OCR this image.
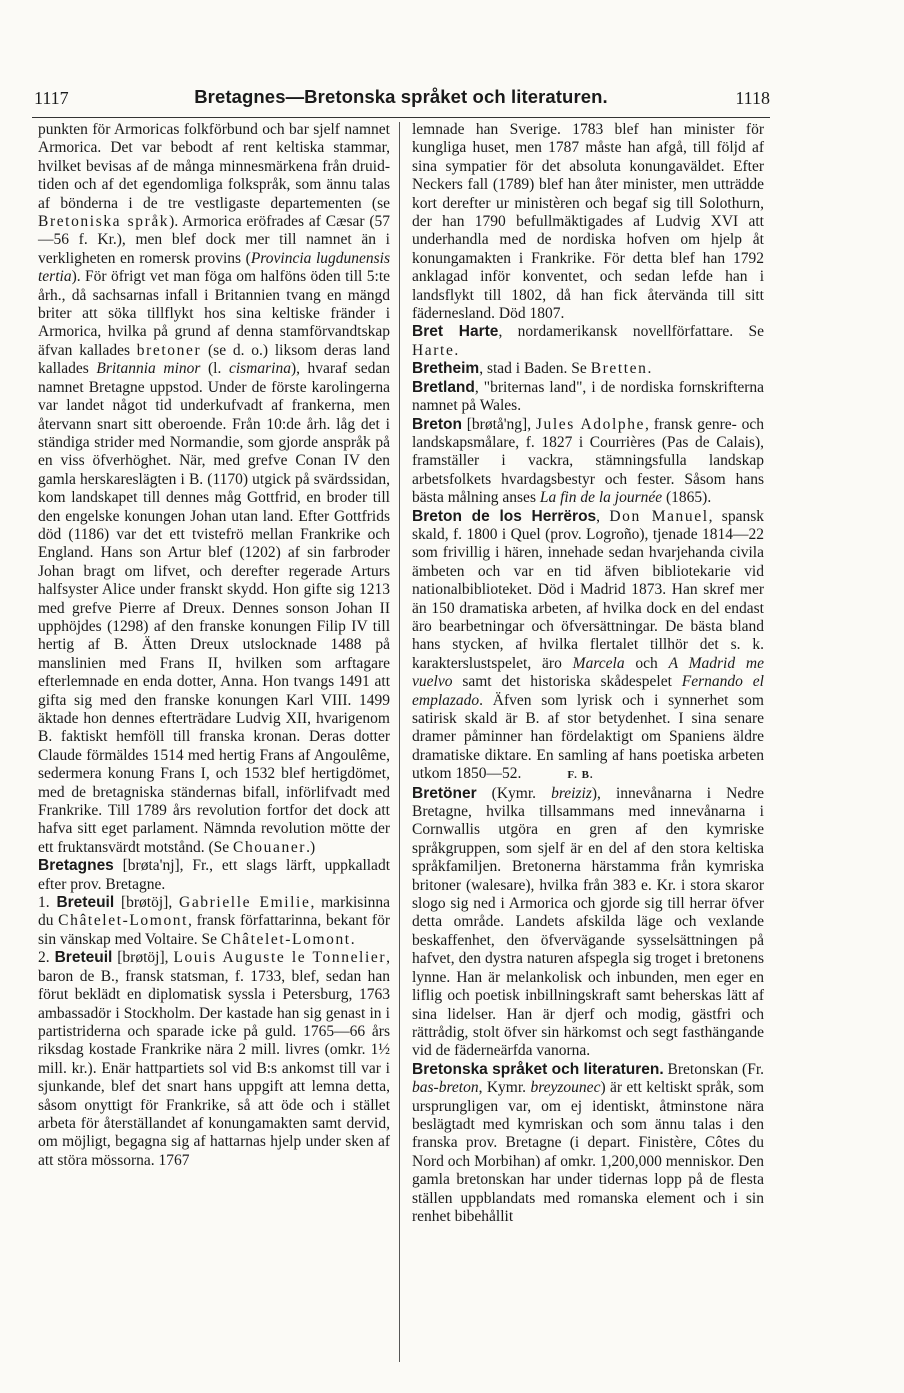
1117	Bretagnes—Bretonska språket och literaturen.	1118

punkten för Armoricas folkförbund och bar sjelf namnet Armorica. Det var bebodt af rent keltiska stammar, hvilket bevisas af de många minnesmärkena från druid-tiden och af det egendomliga folkspråk, som ännu talas af bönderna i de tre vestligaste departementen (se Bretoniska språk). Armorica eröfrades af Cæsar (57—56 f. Kr.), men blef dock mer till namnet än i verkligheten en romersk provins (Provincia lugdunensis tertia). För öfrigt vet man föga om halföns öden till 5:te årh., då sachsarnas infall i Britannien tvang en mängd briter att söka tillflykt hos sina keltiske fränder i Armorica, hvilka på grund af denna stamförvandtskap äfvan kallades bretoner (se d. o.) liksom deras land kallades Britannia minor (l. cismarina), hvaraf sedan namnet Bretagne uppstod. Under de förste karolingerna var landet något tid underkufvadt af frankerna, men återvann snart sitt oberoende. Från 10:de årh. låg det i ständiga strider med Normandie, som gjorde anspråk på en viss öfverhöghet. När, med grefve Conan IV den gamla herskareslägten i B. (1170) utgick på svärdssidan, kom landskapet till dennes måg Gottfrid, en broder till den engelske konungen Johan utan land. Efter Gottfrids död (1186) var det ett tvistefrö mellan Frankrike och England. Hans son Artur blef (1202) af sin farbroder Johan bragt om lifvet, och derefter regerade Arturs halfsyster Alice under franskt skydd. Hon gifte sig 1213 med grefve Pierre af Dreux. Dennes sonson Johan II upphöjdes (1298) af den franske konungen Filip IV till hertig af B. Ätten Dreux utslocknade 1488 på manslinien med Frans II, hvilken som arftagare efterlemnade en enda dotter, Anna. Hon tvangs 1491 att gifta sig med den franske konungen Karl VIII. 1499 äktade hon dennes efterträdare Ludvig XII, hvarigenom B. faktiskt hemföll till franska kronan. Deras dotter Claude förmäldes 1514 med hertig Frans af Angoulême, sedermera konung Frans I, och 1532 blef hertigdömet, med de bretagniska ständernas bifall, införlifvadt med Frankrike. Till 1789 års revolution fortfor det dock att hafva sitt eget parlament. Nämnda revolution mötte der ett fruktansvärdt motstånd. (Se Chouaner.)

Bretagnes [brøta'nj], Fr., ett slags lärft, uppkalladt efter prov. Bretagne.

1. Breteuil [brøtöj], Gabrielle Emilie, markisinna du Châtelet-Lomont, fransk författarinna, bekant för sin vänskap med Voltaire. Se Châtelet-Lomont.

2. Breteuil [brøtöj], Louis Auguste le Tonnelier, baron de B., fransk statsman, f. 1733, blef, sedan han förut beklädt en diplomatisk syssla i Petersburg, 1763 ambassadör i Stockholm. Der kastade han sig genast in i partistriderna och sparade icke på guld. 1765—66 års riksdag kostade Frankrike nära 2 mill. livres (omkr. 1½ mill. kr.). Enär hattpartiets sol vid B:s ankomst till var i sjunkande, blef det snart hans uppgift att lemna detta, såsom onyttigt för Frankrike, så att öde och i stället arbeta för återställandet af konungamakten samt dervid, om möjligt, begagna sig af hattarnas hjelp under sken af att störa mössorna. 1767

lemnade han Sverige. 1783 blef han minister för kungliga huset, men 1787 måste han afgå, till följd af sina sympatier för det absoluta konungaväldet. Efter Neckers fall (1789) blef han åter minister, men utträdde kort derefter ur ministèren och begaf sig till Solothurn, der han 1790 befullmäktigades af Ludvig XVI att underhandla med de nordiska hofven om hjelp åt konungamakten i Frankrike. För detta blef han 1792 anklagad inför konventet, och sedan lefde han i landsflykt till 1802, då han fick återvända till sitt fädernesland. Död 1807.

Bret Harte, nordamerikansk novellförfattare. Se Harte.

Bretheim, stad i Baden. Se Bretten.

Bretland, "briternas land", i de nordiska fornskrifterna namnet på Wales.

Breton [brøtå'ng], Jules Adolphe, fransk genre- och landskapsmålare, f. 1827 i Courrières (Pas de Calais), framställer i vackra, stämningsfulla landskap arbetsfolkets hvardagsbestyr och fester. Såsom hans bästa målning anses La fin de la journée (1865).

Breton de los Herrëros, Don Manuel, spansk skald, f. 1800 i Quel (prov. Logroño), tjenade 1814—22 som frivillig i hären, innehade sedan hvarjehanda civila ämbeten och var en tid äfven bibliotekarie vid nationalbiblioteket. Död i Madrid 1873. Han skref mer än 150 dramatiska arbeten, af hvilka dock en del endast äro bearbetningar och öfversättningar. De bästa bland hans stycken, af hvilka flertalet tillhör det s. k. karakterslustspelet, äro Marcela och A Madrid me vuelvo samt det historiska skådespelet Fernando el emplazado. Äfven som lyrisk och i synnerhet som satirisk skald är B. af stor betydenhet. I sina senare dramer påminner han fördelaktigt om Spaniens äldre dramatiske diktare. En samling af hans poetiska arbeten utkom 1850—52.	F. B.

Bretöner (Kymr. breiziz), innevånarna i Nedre Bretagne, hvilka tillsammans med innevånarna i Cornwallis utgöra en gren af den kymriske språkgruppen, som sjelf är en del af den stora keltiska språkfamiljen. Bretonerna härstamma från kymriska britoner (walesare), hvilka från 383 e. Kr. i stora skaror slogo sig ned i Armorica och gjorde sig till herrar öfver detta område. Landets afskilda läge och vexlande beskaffenhet, den öfvervägande sysselsättningen på hafvet, den dystra naturen afspegla sig troget i bretonens lynne. Han är melankolisk och inbunden, men eger en liflig och poetisk inbillningskraft samt beherskas lätt af sina lidelser. Han är djerf och modig, gästfri och rättrådig, stolt öfver sin härkomst och segt fasthängande vid de fädernеärfda vanorna.

Bretonska språket och literaturen. Bretonskan (Fr. bas-breton, Kymr. breyzounec) är ett keltiskt språk, som ursprungligen var, om ej identiskt, åtminstone nära beslägtadt med kymriskan och som ännu talas i den franska prov. Bretagne (i depart. Finistère, Côtes du Nord och Morbihan) af omkr. 1,200,000 menniskor. Den gamla bretonskan har under tidernas lopp på de flesta ställen uppblandats med romanska element och i sin renhet bibehållit
